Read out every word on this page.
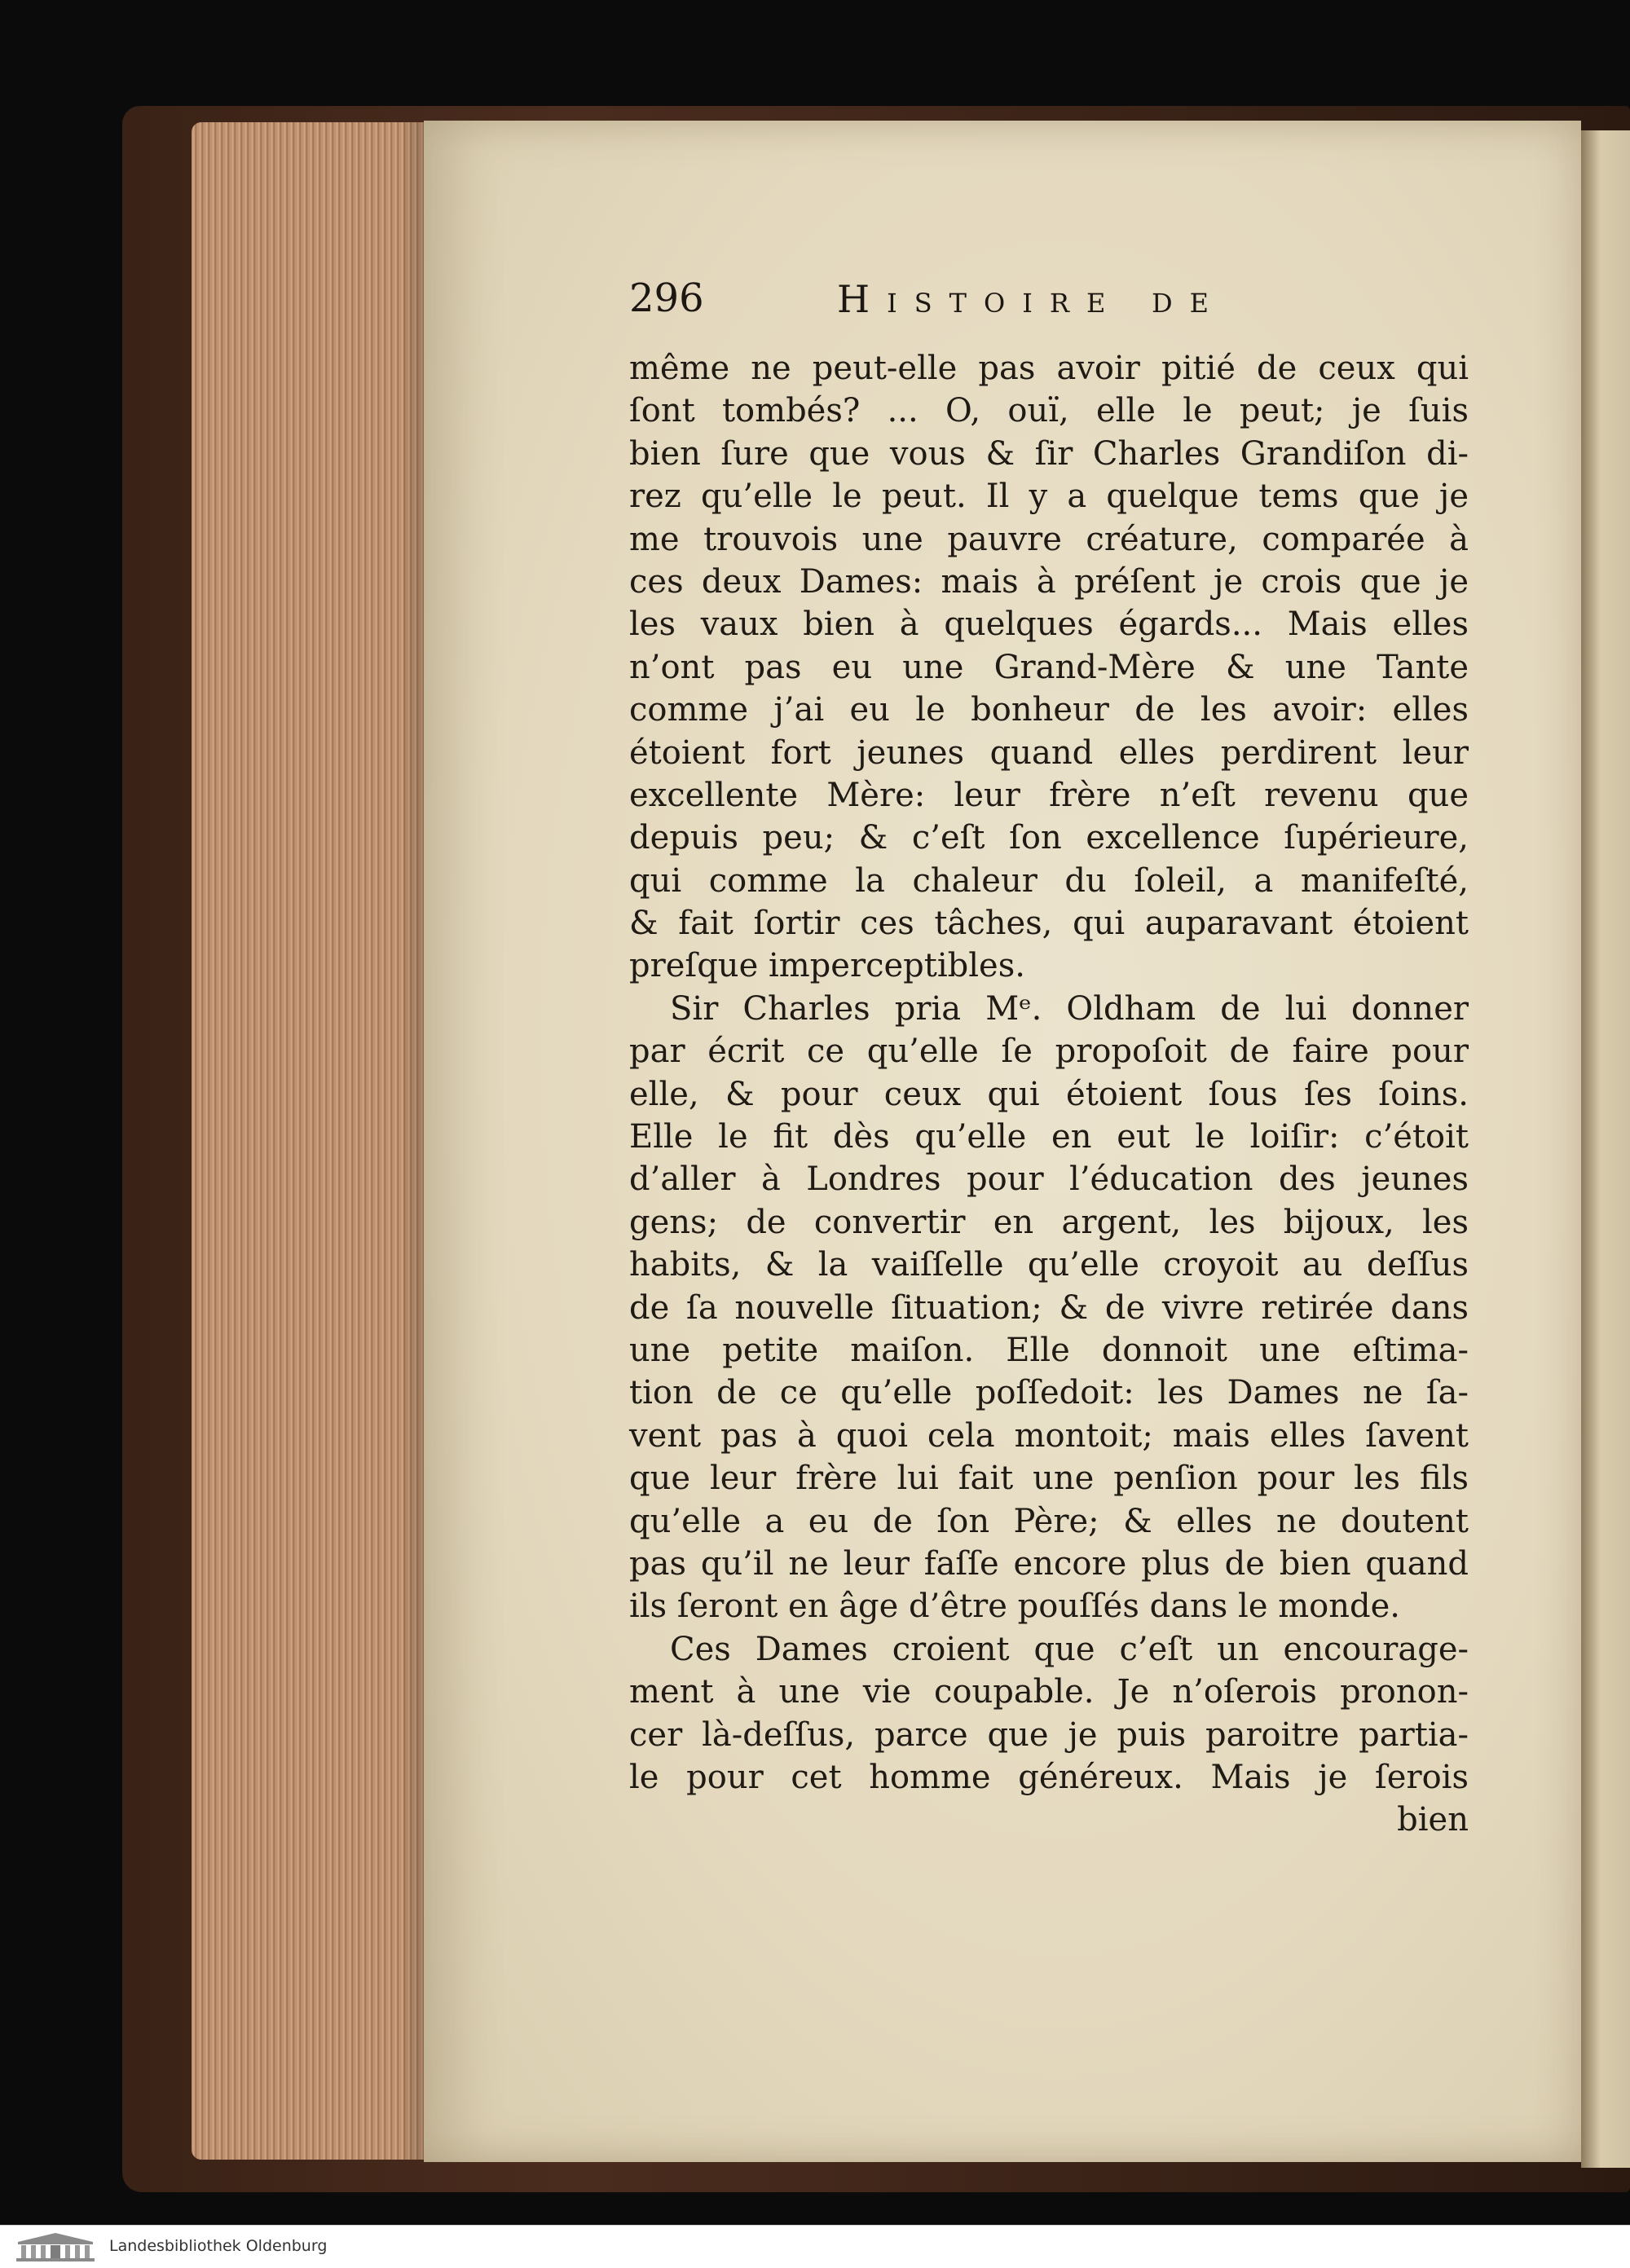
296	Histoire de
même ne peut-elle pas avoir pitié de ceux qui
ſont tombés? ... O, ouï, elle le peut; je ſuis
bien ſure que vous & ſir Charles Grandiſon di-
rez qu’elle le peut. Il y a quelque tems que je
me trouvois une pauvre créature, comparée à
ces deux Dames: mais à préſent je crois que je
les vaux bien à quelques égards... Mais elles
n’ont pas eu une Grand-Mère & une Tante
comme j’ai eu le bonheur de les avoir: elles
étoient fort jeunes quand elles perdirent leur
excellente Mère: leur frère n’eſt revenu que
depuis peu; & c’eſt ſon excellence ſupérieure,
qui comme la chaleur du ſoleil, a manifeſté,
& fait ſortir ces tâches, qui auparavant étoient
preſque imperceptibles.
Sir Charles pria Mᵉ. Oldham de lui donner
par écrit ce qu’elle ſe propoſoit de faire pour
elle, & pour ceux qui étoient ſous ſes ſoins.
Elle le fit dès qu’elle en eut le loiſir: c’étoit
d’aller à Londres pour l’éducation des jeunes
gens; de convertir en argent, les bijoux, les
habits, & la vaiſſelle qu’elle croyoit au deſſus
de ſa nouvelle ſituation; & de vivre retirée dans
une petite maiſon. Elle donnoit une eſtima-
tion de ce qu’elle poſſedoit: les Dames ne ſa-
vent pas à quoi cela montoit; mais elles ſavent
que leur frère lui fait une penſion pour les fils
qu’elle a eu de ſon Père; & elles ne doutent
pas qu’il ne leur faſſe encore plus de bien quand
ils ſeront en âge d’être pouſſés dans le monde.
Ces Dames croient que c’eſt un encourage-
ment à une vie coupable. Je n’oſerois pronon-
cer là-deſſus, parce que je puis paroitre partia-
le pour cet homme généreux. Mais je ſerois
bien
Landesbibliothek Oldenburg
